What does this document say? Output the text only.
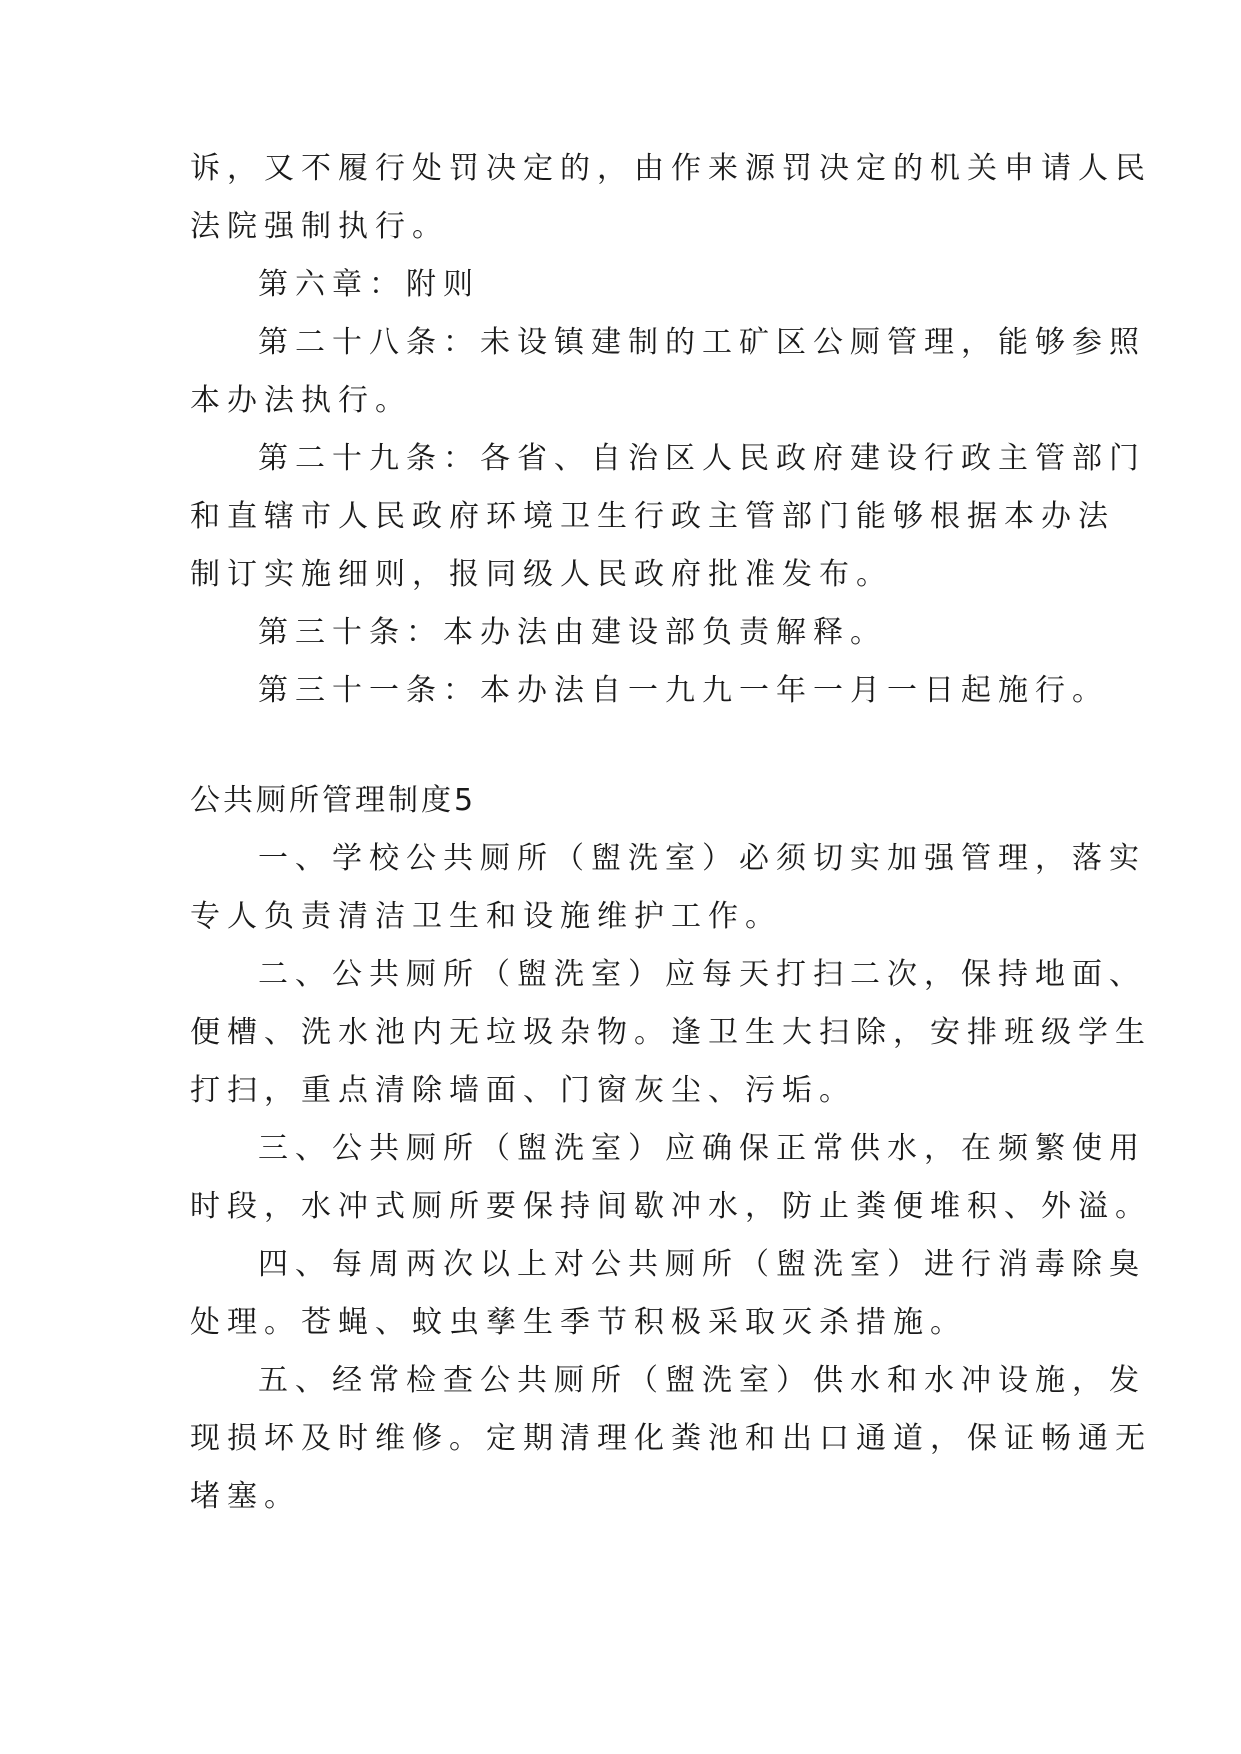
诉，又不履行处罚决定的，由作来源罚决定的机关申请人民

法院强制执行。

第六章：附则

第二十八条：未设镇建制的工矿区公厕管理，能够参照

本办法执行。

第二十九条：各省、自治区人民政府建设行政主管部门

和直辖市人民政府环境卫生行政主管部门能够根据本办法

制订实施细则，报同级人民政府批准发布。

第三十条：本办法由建设部负责解释。

第三十一条：本办法自一九九一年一月一日起施行。

公共厕所管理制度5

一、学校公共厕所（盥洗室）必须切实加强管理，落实

专人负责清洁卫生和设施维护工作。

二、公共厕所（盥洗室）应每天打扫二次，保持地面、

便槽、洗水池内无垃圾杂物。逢卫生大扫除，安排班级学生

打扫，重点清除墙面、门窗灰尘、污垢。

三、公共厕所（盥洗室）应确保正常供水，在频繁使用

时段，水冲式厕所要保持间歇冲水，防止粪便堆积、外溢。

四、每周两次以上对公共厕所（盥洗室）进行消毒除臭

处理。苍蝇、蚊虫孳生季节积极采取灭杀措施。

五、经常检查公共厕所（盥洗室）供水和水冲设施，发

现损坏及时维修。定期清理化粪池和出口通道，保证畅通无

堵塞。
